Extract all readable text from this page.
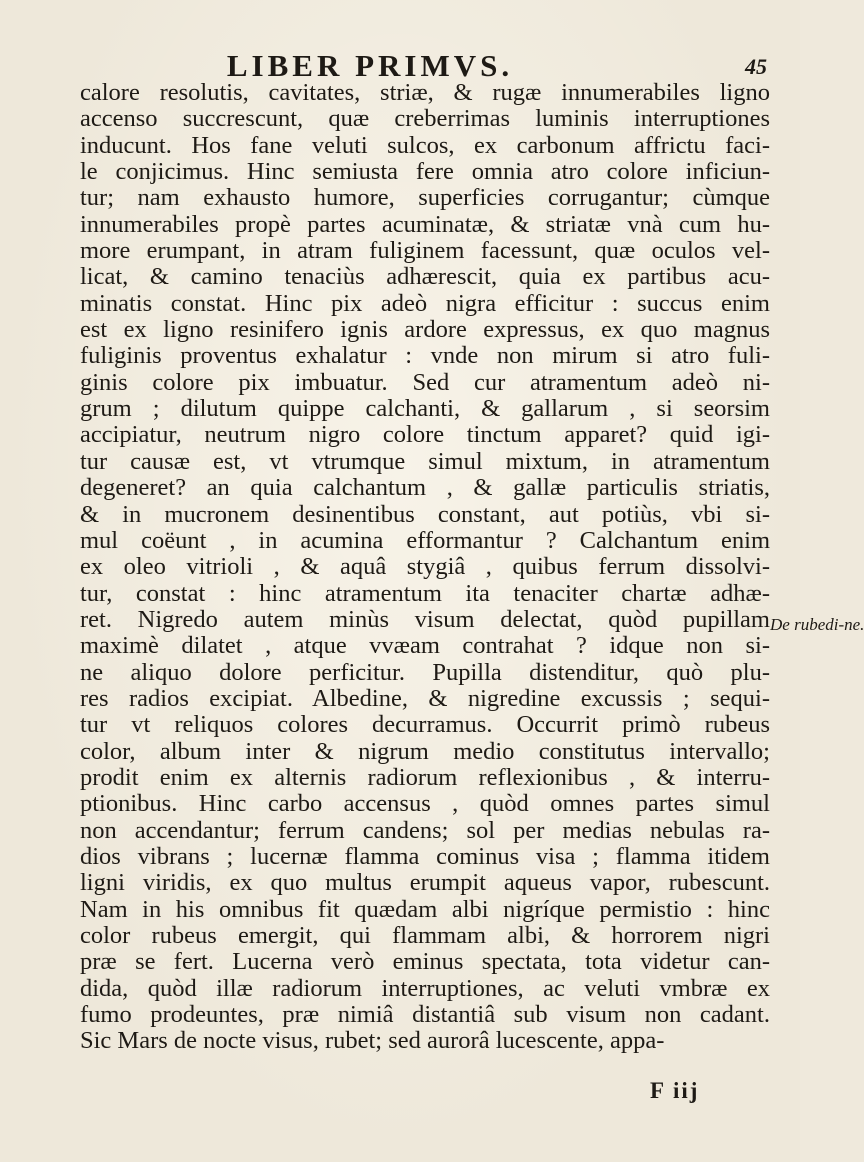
LIBER PRIMVS.	45
calore resolutis, cavitates, striæ, & rugæ innumerabiles ligno
accenso succrescunt, quæ creberrimas luminis interruptiones
inducunt. Hos fane veluti sulcos, ex carbonum affrictu faci-
le conjicimus. Hinc semiusta fere omnia atro colore inficiun-
tur; nam exhausto humore, superficies corrugantur; cùmque
innumerabiles propè partes acuminatæ, & striatæ vnà cum hu-
more erumpant, in atram fuliginem facessunt, quæ oculos vel-
licat, & camino tenaciùs adhærescit, quia ex partibus acu-
minatis constat. Hinc pix adeò nigra efficitur : succus enim
est ex ligno resinifero ignis ardore expressus, ex quo magnus
fuliginis proventus exhalatur : vnde non mirum si atro fuli-
ginis colore pix imbuatur. Sed cur atramentum adeò ni-
grum ; dilutum quippe calchanti, & gallarum , si seorsim
accipiatur, neutrum nigro colore tinctum apparet? quid igi-
tur causæ est, vt vtrumque simul mixtum, in atramentum
degeneret? an quia calchantum , & gallæ particulis striatis,
& in mucronem desinentibus constant, aut potiùs, vbi si-
mul coëunt , in acumina efformantur ? Calchantum enim
ex oleo vitrioli , & aquâ stygiâ , quibus ferrum dissolvi-
tur, constat : hinc atramentum ita tenaciter chartæ adhæ-
ret. Nigredo autem minùs visum delectat, quòd pupillam
maximè dilatet , atque vvæam contrahat ? idque non si-
ne aliquo dolore perficitur. Pupilla distenditur, quò plu-
res radios excipiat. Albedine, & nigredine excussis ; sequi-
tur vt reliquos colores decurramus. Occurrit primò rubeus
color, album inter & nigrum medio constitutus intervallo;
prodit enim ex alternis radiorum reflexionibus , & interru-
ptionibus. Hinc carbo accensus , quòd omnes partes simul
non accendantur; ferrum candens; sol per medias nebulas ra-
dios vibrans ; lucernæ flamma cominus visa ; flamma itidem
ligni viridis, ex quo multus erumpit aqueus vapor, rubescunt.
Nam in his omnibus fit quædam albi nigríque permistio : hinc
color rubeus emergit, qui flammam albi, & horrorem nigri
præ se fert. Lucerna verò eminus spectata, tota videtur can-
dida, quòd illæ radiorum interruptiones, ac veluti vmbræ ex
fumo prodeuntes, præ nimiâ distantiâ sub visum non cadant.
Sic Mars de nocte visus, rubet; sed aurorâ lucescente, appa-
De rubedi-ne.
F iij
